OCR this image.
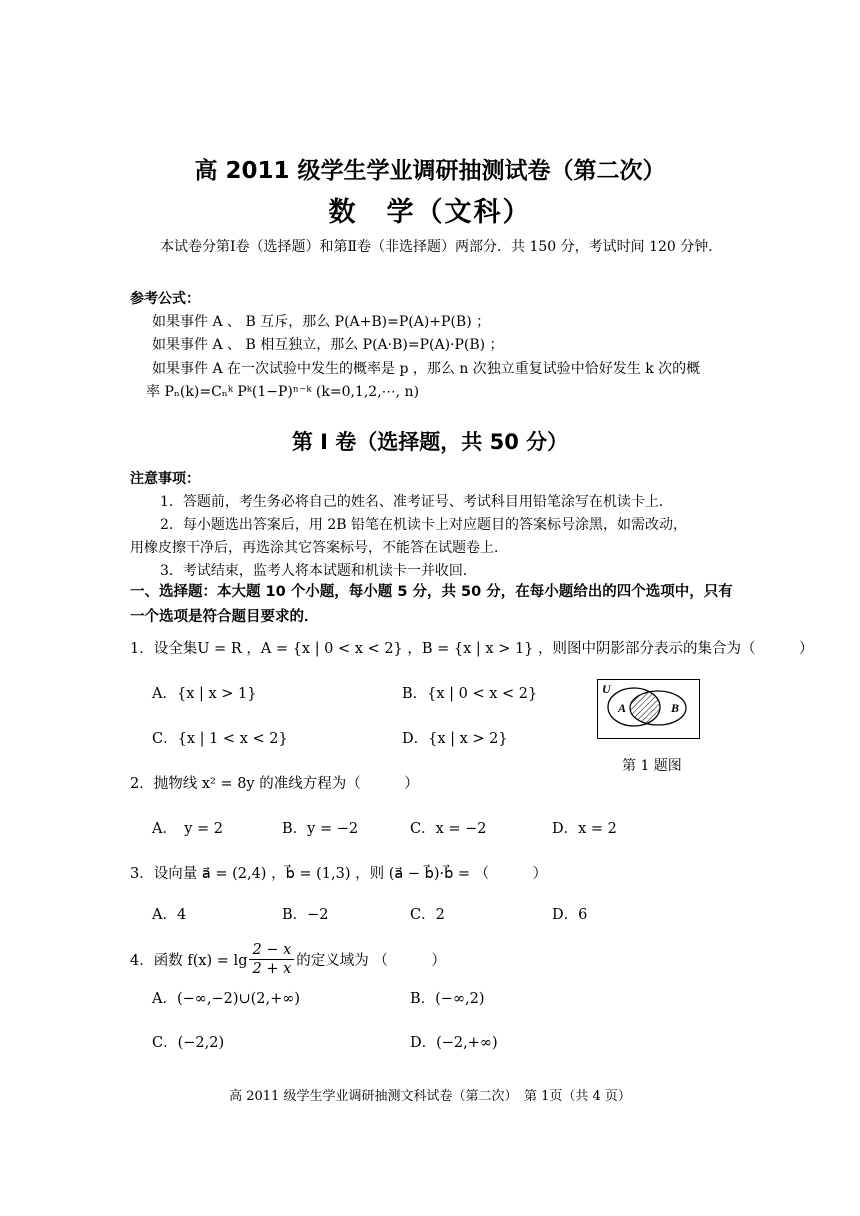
高 2011 级学生学业调研抽测试卷（第二次）
数　学（文科）
本试卷分第Ⅰ卷（选择题）和第Ⅱ卷（非选择题）两部分．共 150 分，考试时间 120 分钟．
参考公式：
如果事件 A 、 B 互斥，那么 P(A+B)=P(A)+P(B) ；
如果事件 A 、 B 相互独立，那么 P(A·B)=P(A)·P(B) ；
如果事件 A 在一次试验中发生的概率是 p ，那么 n 次独立重复试验中恰好发生 k 次的概
率 Pₙ(k)=Cₙᵏ Pᵏ(1−P)ⁿ⁻ᵏ (k=0,1,2,⋯, n)
第 I 卷（选择题，共 50 分）
注意事项：
1．答题前，考生务必将自己的姓名、准考证号、考试科目用铅笔涂写在机读卡上．
2．每小题选出答案后，用 2B 铅笔在机读卡上对应题目的答案标号涂黑，如需改动，
用橡皮擦干净后，再选涂其它答案标号，不能答在试题卷上．
3．考试结束，监考人将本试题和机读卡一并收回．
一、选择题：本大题 10 个小题，每小题 5 分，共 50 分，在每小题给出的四个选项中，只有一个选项是符合题目要求的．
1．设全集U = R ，A = {x | 0 < x < 2} ，B = {x | x > 1} ，则图中阴影部分表示的集合为（　　　）
A．{x | x > 1}	B．{x | 0 < x < 2}
C．{x | 1 < x < 2}	D．{x | x > 2}
U
A	B
第 1 题图
2．抛物线 x² = 8y 的准线方程为（　　　）
A．　y = 2	B．y = −2	C．x = −2	D．x = 2
3．设向量 a⃗ = (2,4) ，b⃗ = (1,3) ，则 (a⃗ − b⃗)·b⃗ = （　　　）
A．4	B．−2	C．2	D．6
4．函数 $f(x) = \lg \frac{2 - x}{2 + x}$ 的定义域为 （　　　）
A．(−∞,−2)∪(2,+∞)	B．(−∞,2)
C．(−2,2)	D．(−2,+∞)
高 2011 级学生学业调研抽测文科试卷（第二次）　第 1页（共 4 页）
